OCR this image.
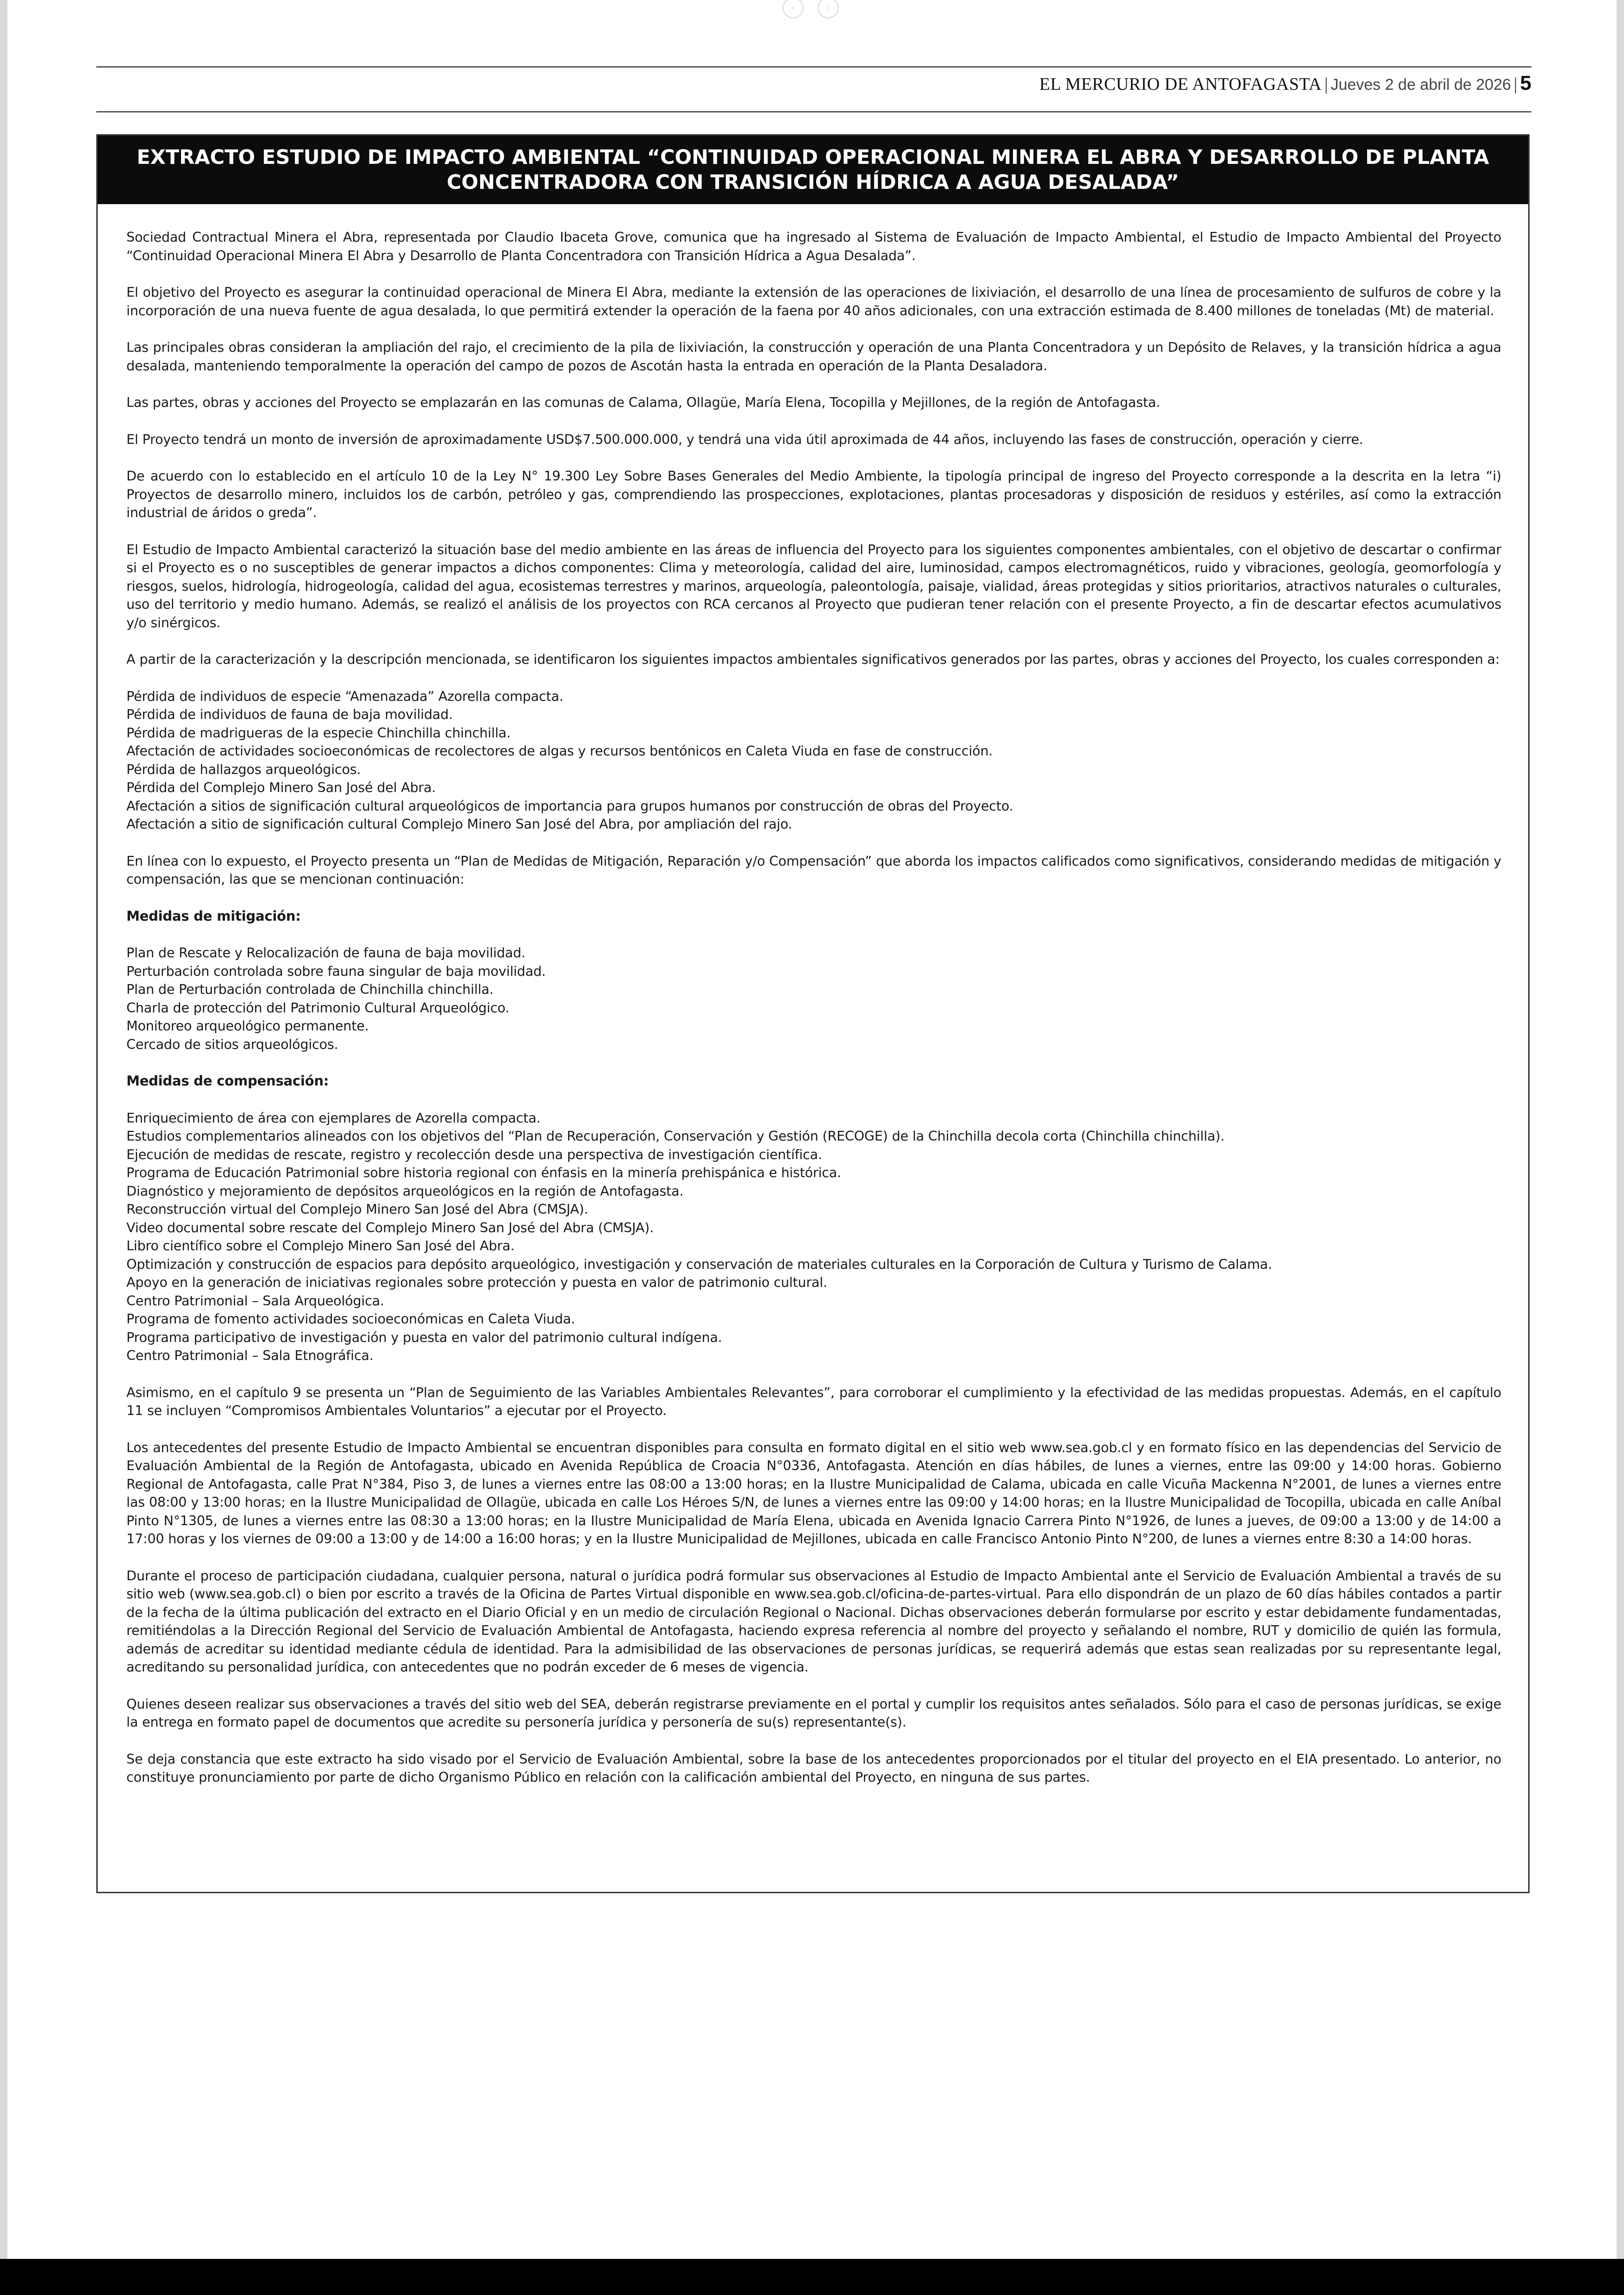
‹	›
EL MERCURIO DE ANTOFAGASTA | Jueves 2 de abril de 2026 | 5
EXTRACTO ESTUDIO DE IMPACTO AMBIENTAL “CONTINUIDAD OPERACIONAL MINERA EL ABRA Y DESARROLLO DE PLANTA CONCENTRADORA CON TRANSICIÓN HÍDRICA A AGUA DESALADA”

Sociedad Contractual Minera el Abra, representada por Claudio Ibaceta Grove, comunica que ha ingresado al Sistema de Evaluación de Impacto Ambiental, el Estudio de Impacto Ambiental del Proyecto “Continuidad Operacional Minera El Abra y Desarrollo de Planta Concentradora con Transición Hídrica a Agua Desalada”.

El objetivo del Proyecto es asegurar la continuidad operacional de Minera El Abra, mediante la extensión de las operaciones de lixiviación, el desarrollo de una línea de procesamiento de sulfuros de cobre y la incorporación de una nueva fuente de agua desalada, lo que permitirá extender la operación de la faena por 40 años adicionales, con una extracción estimada de 8.400 millones de toneladas (Mt) de material.

Las principales obras consideran la ampliación del rajo, el crecimiento de la pila de lixiviación, la construcción y operación de una Planta Concentradora y un Depósito de Relaves, y la transición hídrica a agua desalada, manteniendo temporalmente la operación del campo de pozos de Ascotán hasta la entrada en operación de la Planta Desaladora.

Las partes, obras y acciones del Proyecto se emplazarán en las comunas de Calama, Ollagüe, María Elena, Tocopilla y Mejillones, de la región de Antofagasta.

El Proyecto tendrá un monto de inversión de aproximadamente USD$7.500.000.000, y tendrá una vida útil aproximada de 44 años, incluyendo las fases de construcción, operación y cierre.

De acuerdo con lo establecido en el artículo 10 de la Ley N° 19.300 Ley Sobre Bases Generales del Medio Ambiente, la tipología principal de ingreso del Proyecto corresponde a la descrita en la letra “i) Proyectos de desarrollo minero, incluidos los de carbón, petróleo y gas, comprendiendo las prospecciones, explotaciones, plantas procesadoras y disposición de residuos y estériles, así como la extracción industrial de áridos o greda”.

El Estudio de Impacto Ambiental caracterizó la situación base del medio ambiente en las áreas de influencia del Proyecto para los siguientes componentes ambientales, con el objetivo de descartar o confirmar si el Proyecto es o no susceptibles de generar impactos a dichos componentes: Clima y meteorología, calidad del aire, luminosidad, campos electromagnéticos, ruido y vibraciones, geología, geomorfología y riesgos, suelos, hidrología, hidrogeología, calidad del agua, ecosistemas terrestres y marinos, arqueología, paleontología, paisaje, vialidad, áreas protegidas y sitios prioritarios, atractivos naturales o culturales, uso del territorio y medio humano. Además, se realizó el análisis de los proyectos con RCA cercanos al Proyecto que pudieran tener relación con el presente Proyecto, a fin de descartar efectos acumulativos y/o sinérgicos.

A partir de la caracterización y la descripción mencionada, se identificaron los siguientes impactos ambientales significativos generados por las partes, obras y acciones del Proyecto, los cuales corresponden a:

Pérdida de individuos de especie “Amenazada” Azorella compacta.
Pérdida de individuos de fauna de baja movilidad.
Pérdida de madrigueras de la especie Chinchilla chinchilla.
Afectación de actividades socioeconómicas de recolectores de algas y recursos bentónicos en Caleta Viuda en fase de construcción.
Pérdida de hallazgos arqueológicos.
Pérdida del Complejo Minero San José del Abra.
Afectación a sitios de significación cultural arqueológicos de importancia para grupos humanos por construcción de obras del Proyecto.
Afectación a sitio de significación cultural Complejo Minero San José del Abra, por ampliación del rajo.

En línea con lo expuesto, el Proyecto presenta un “Plan de Medidas de Mitigación, Reparación y/o Compensación” que aborda los impactos calificados como significativos, considerando medidas de mitigación y compensación, las que se mencionan continuación:

Medidas de mitigación:
Plan de Rescate y Relocalización de fauna de baja movilidad.
Perturbación controlada sobre fauna singular de baja movilidad.
Plan de Perturbación controlada de Chinchilla chinchilla.
Charla de protección del Patrimonio Cultural Arqueológico.
Monitoreo arqueológico permanente.
Cercado de sitios arqueológicos.
Medidas de compensación:
Enriquecimiento de área con ejemplares de Azorella compacta.
Estudios complementarios alineados con los objetivos del “Plan de Recuperación, Conservación y Gestión (RECOGE) de la Chinchilla decola corta (Chinchilla chinchilla).
Ejecución de medidas de rescate, registro y recolección desde una perspectiva de investigación científica.
Programa de Educación Patrimonial sobre historia regional con énfasis en la minería prehispánica e histórica.
Diagnóstico y mejoramiento de depósitos arqueológicos en la región de Antofagasta.
Reconstrucción virtual del Complejo Minero San José del Abra (CMSJA).
Video documental sobre rescate del Complejo Minero San José del Abra (CMSJA).
Libro científico sobre el Complejo Minero San José del Abra.
Optimización y construcción de espacios para depósito arqueológico, investigación y conservación de materiales culturales en la Corporación de Cultura y Turismo de Calama.
Apoyo en la generación de iniciativas regionales sobre protección y puesta en valor de patrimonio cultural.
Centro Patrimonial – Sala Arqueológica.
Programa de fomento actividades socioeconómicas en Caleta Viuda.
Programa participativo de investigación y puesta en valor del patrimonio cultural indígena.
Centro Patrimonial – Sala Etnográfica.

Asimismo, en el capítulo 9 se presenta un “Plan de Seguimiento de las Variables Ambientales Relevantes”, para corroborar el cumplimiento y la efectividad de las medidas propuestas. Además, en el capítulo 11 se incluyen “Compromisos Ambientales Voluntarios” a ejecutar por el Proyecto.

Los antecedentes del presente Estudio de Impacto Ambiental se encuentran disponibles para consulta en formato digital en el sitio web www.sea.gob.cl y en formato físico en las dependencias del Servicio de Evaluación Ambiental de la Región de Antofagasta, ubicado en Avenida República de Croacia N°0336, Antofagasta. Atención en días hábiles, de lunes a viernes, entre las 09:00 y 14:00 horas. Gobierno Regional de Antofagasta, calle Prat N°384, Piso 3, de lunes a viernes entre las 08:00 a 13:00 horas; en la Ilustre Municipalidad de Calama, ubicada en calle Vicuña Mackenna N°2001, de lunes a viernes entre las 08:00 y 13:00 horas; en la Ilustre Municipalidad de Ollagüe, ubicada en calle Los Héroes S/N, de lunes a viernes entre las 09:00 y 14:00 horas; en la Ilustre Municipalidad de Tocopilla, ubicada en calle Aníbal Pinto N°1305, de lunes a viernes entre las 08:30 a 13:00 horas; en la Ilustre Municipalidad de María Elena, ubicada en Avenida Ignacio Carrera Pinto N°1926, de lunes a jueves, de 09:00 a 13:00 y de 14:00 a 17:00 horas y los viernes de 09:00 a 13:00 y de 14:00 a 16:00 horas; y en la Ilustre Municipalidad de Mejillones, ubicada en calle Francisco Antonio Pinto N°200, de lunes a viernes entre 8:30 a 14:00 horas.

Durante el proceso de participación ciudadana, cualquier persona, natural o jurídica podrá formular sus observaciones al Estudio de Impacto Ambiental ante el Servicio de Evaluación Ambiental a través de su sitio web (www.sea.gob.cl) o bien por escrito a través de la Oficina de Partes Virtual disponible en www.sea.gob.cl/oficina-de-partes-virtual. Para ello dispondrán de un plazo de 60 días hábiles contados a partir de la fecha de la última publicación del extracto en el Diario Oficial y en un medio de circulación Regional o Nacional. Dichas observaciones deberán formularse por escrito y estar debidamente fundamentadas, remitiéndolas a la Dirección Regional del Servicio de Evaluación Ambiental de Antofagasta, haciendo expresa referencia al nombre del proyecto y señalando el nombre, RUT y domicilio de quién las formula, además de acreditar su identidad mediante cédula de identidad. Para la admisibilidad de las observaciones de personas jurídicas, se requerirá además que estas sean realizadas por su representante legal, acreditando su personalidad jurídica, con antecedentes que no podrán exceder de 6 meses de vigencia.

Quienes deseen realizar sus observaciones a través del sitio web del SEA, deberán registrarse previamente en el portal y cumplir los requisitos antes señalados. Sólo para el caso de personas jurídicas, se exige la entrega en formato papel de documentos que acredite su personería jurídica y personería de su(s) representante(s).

Se deja constancia que este extracto ha sido visado por el Servicio de Evaluación Ambiental, sobre la base de los antecedentes proporcionados por el titular del proyecto en el EIA presentado. Lo anterior, no constituye pronunciamiento por parte de dicho Organismo Público en relación con la calificación ambiental del Proyecto, en ninguna de sus partes.
